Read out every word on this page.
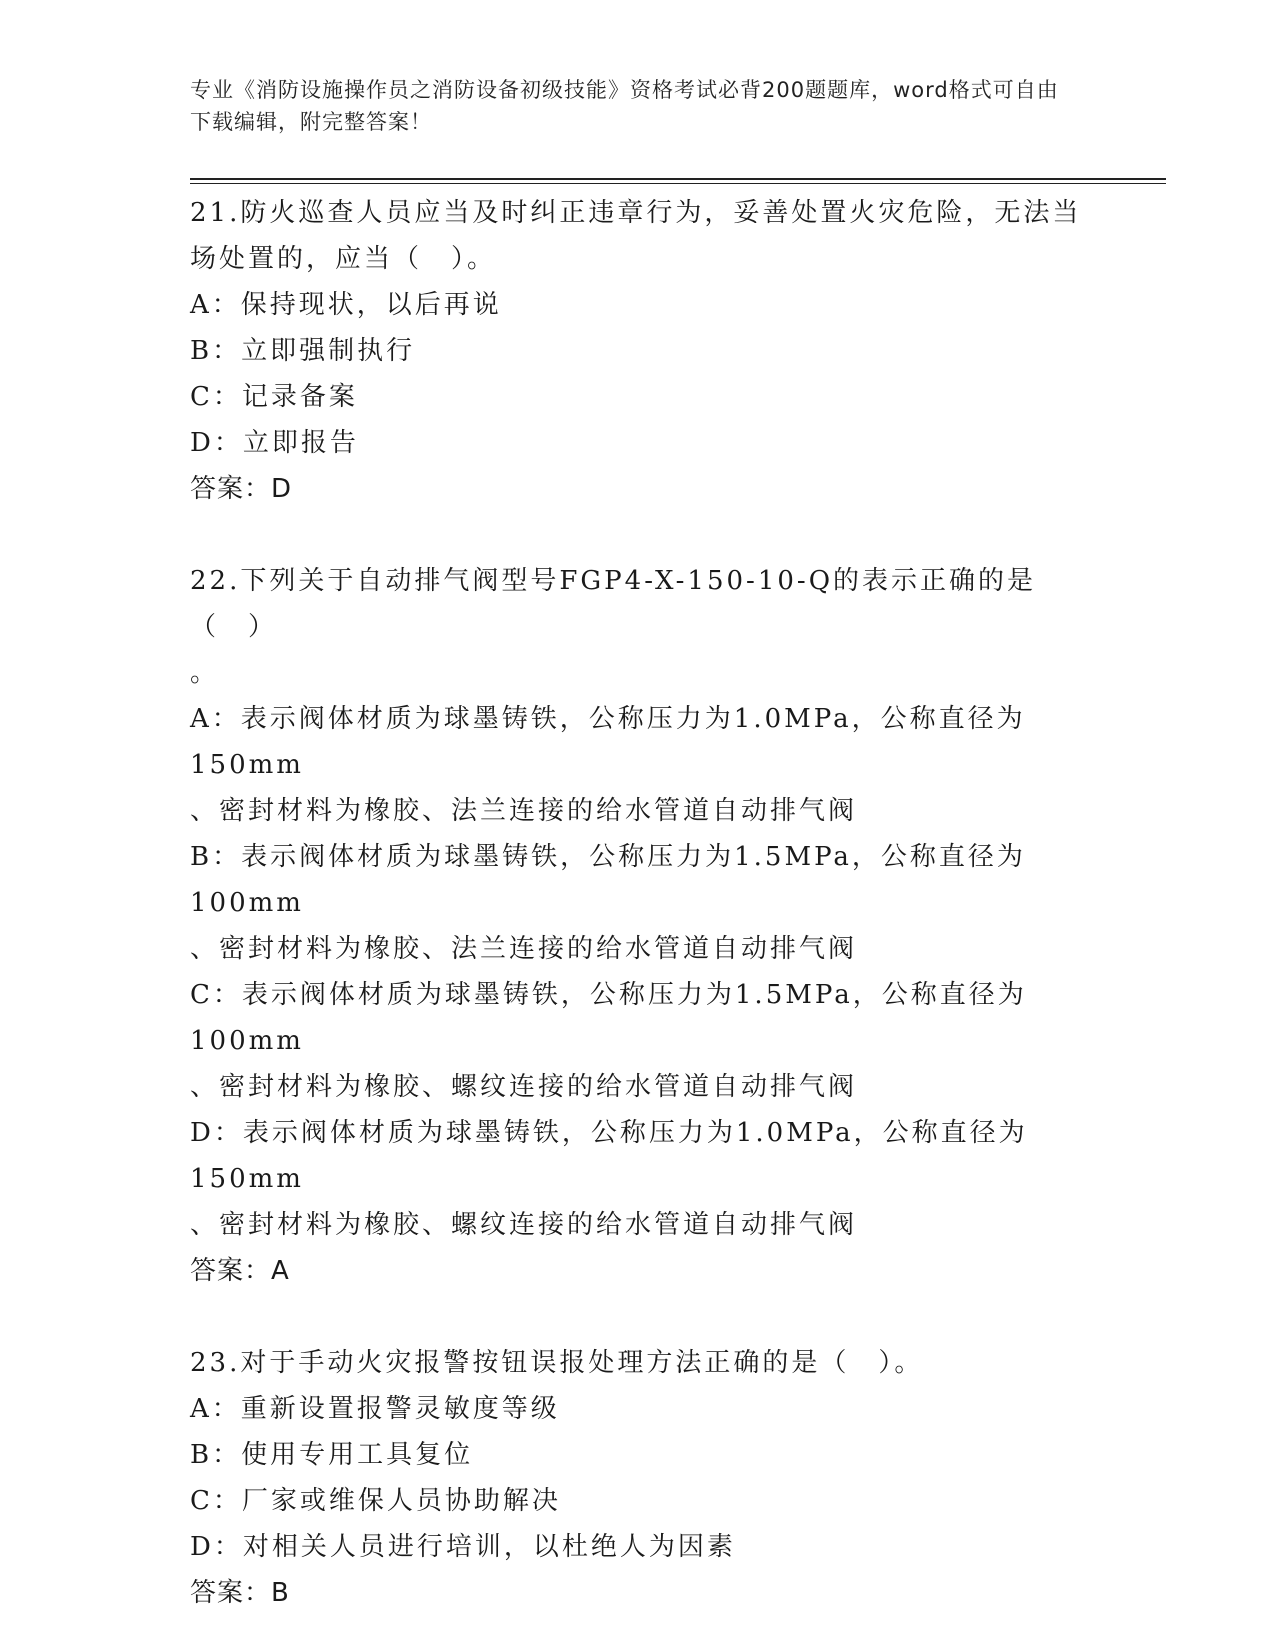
专业《消防设施操作员之消防设备初级技能》资格考试必背200题题库，word格式可自由下载编辑，附完整答案！

21.防火巡查人员应当及时纠正违章行为，妥善处置火灾危险，无法当

场处置的，应当（　）。

A：保持现状，以后再说

B：立即强制执行

C：记录备案

D：立即报告

答案：D

22.下列关于自动排气阀型号FGP4-X-150-10-Q的表示正确的是（　）

。

A：表示阀体材质为球墨铸铁，公称压力为1.0MPa，公称直径为150mm

、密封材料为橡胶、法兰连接的给水管道自动排气阀

B：表示阀体材质为球墨铸铁，公称压力为1.5MPa，公称直径为100mm

、密封材料为橡胶、法兰连接的给水管道自动排气阀

C：表示阀体材质为球墨铸铁，公称压力为1.5MPa，公称直径为100mm

、密封材料为橡胶、螺纹连接的给水管道自动排气阀

D：表示阀体材质为球墨铸铁，公称压力为1.0MPa，公称直径为150mm

、密封材料为橡胶、螺纹连接的给水管道自动排气阀

答案：A

23.对于手动火灾报警按钮误报处理方法正确的是（　）。

A：重新设置报警灵敏度等级

B：使用专用工具复位

C：厂家或维保人员协助解决

D：对相关人员进行培训，以杜绝人为因素

答案：B
